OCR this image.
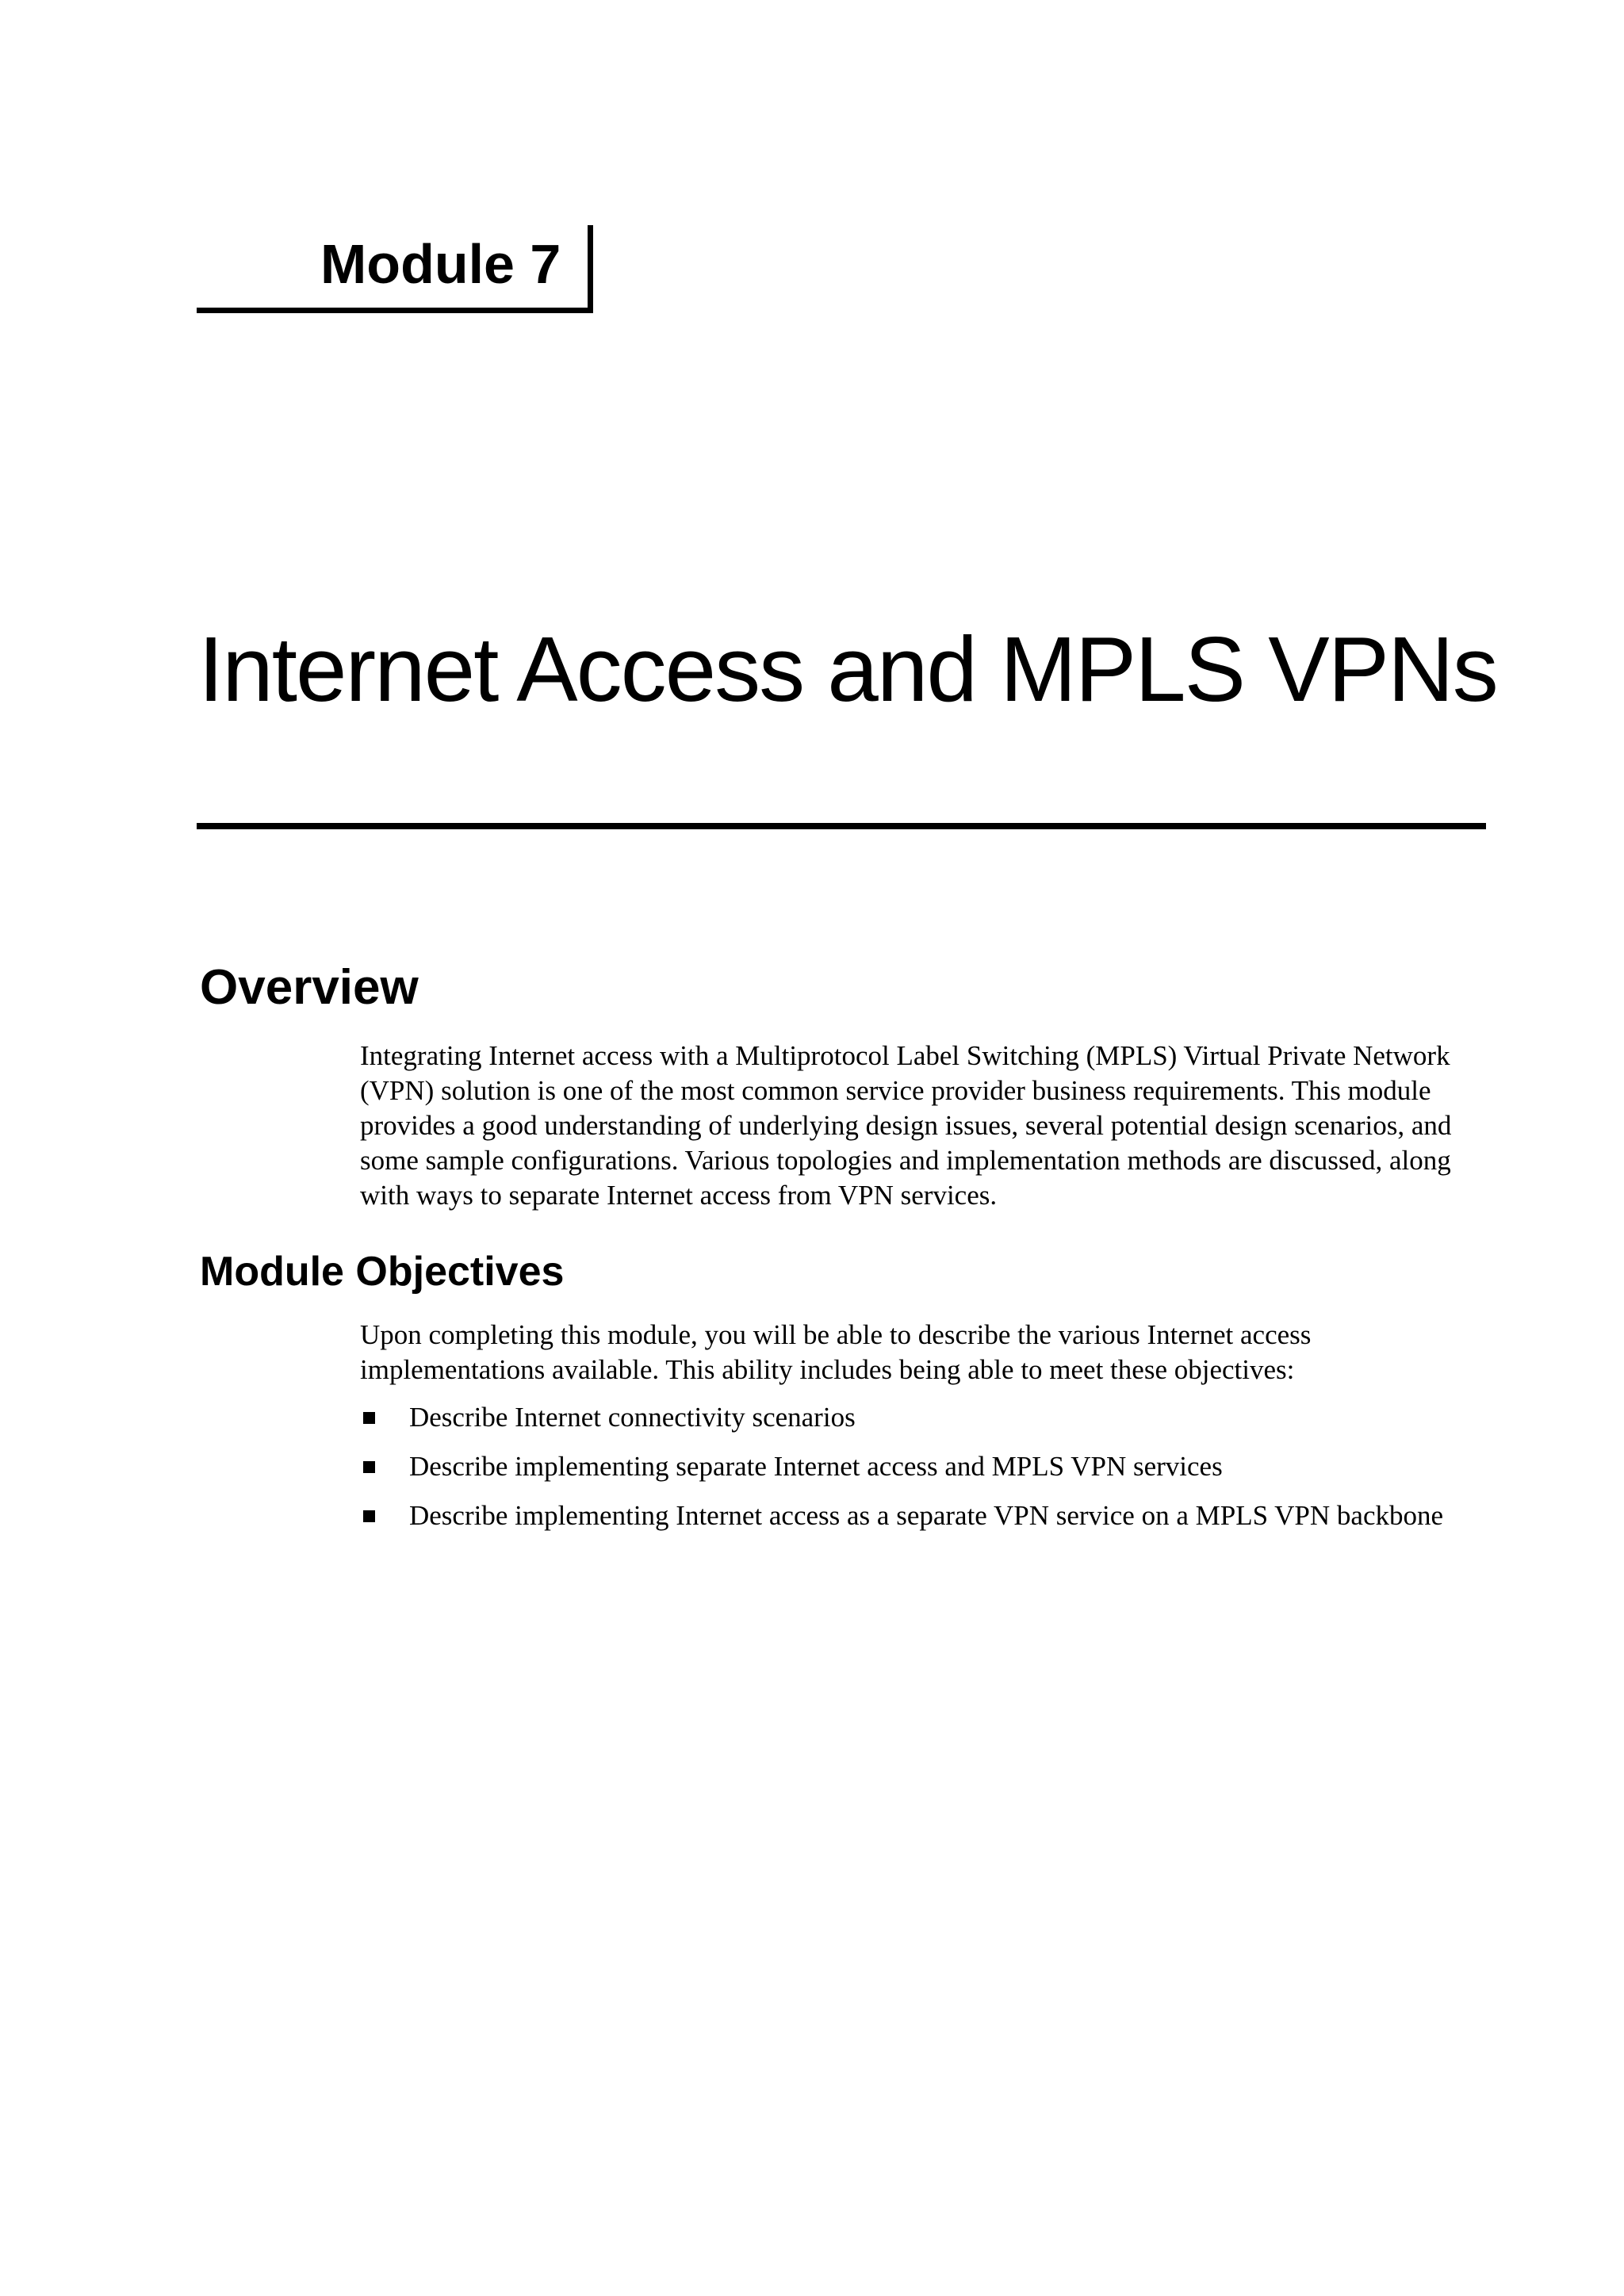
Module 7
Internet Access and MPLS VPNs
Overview

Integrating Internet access with a Multiprotocol Label Switching (MPLS) Virtual Private Network (VPN) solution is one of the most common service provider business requirements. This module provides a good understanding of underlying design issues, several potential design scenarios, and some sample configurations. Various topologies and implementation methods are discussed, along with ways to separate Internet access from VPN services.

Module Objectives

Upon completing this module, you will be able to describe the various Internet access implementations available. This ability includes being able to meet these objectives:

Describe Internet connectivity scenarios
Describe implementing separate Internet access and MPLS VPN services
Describe implementing Internet access as a separate VPN service on a MPLS VPN backbone
